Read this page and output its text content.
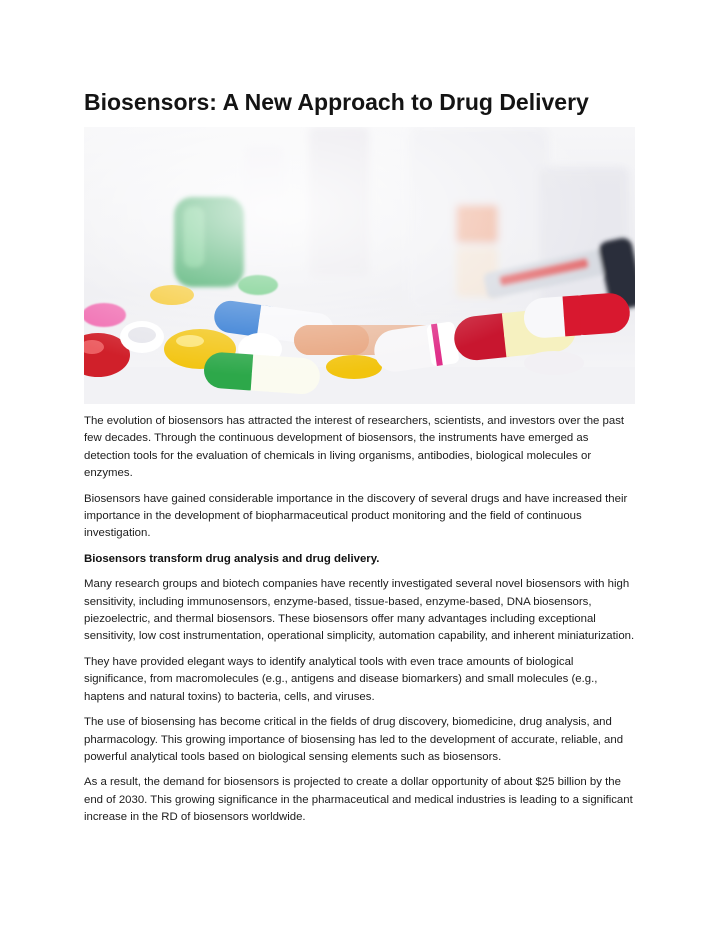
Biosensors: A New Approach to Drug Delivery

The evolution of biosensors has attracted the interest of researchers, scientists, and investors over the past few decades. Through the continuous development of biosensors, the instruments have emerged as detection tools for the evaluation of chemicals in living organisms, antibodies, biological molecules or enzymes.

Biosensors have gained considerable importance in the discovery of several drugs and have increased their importance in the development of biopharmaceutical product monitoring and the field of continuous investigation.

Biosensors transform drug analysis and drug delivery.

Many research groups and biotech companies have recently investigated several novel biosensors with high sensitivity, including immunosensors, enzyme-based, tissue-based, enzyme-based, DNA biosensors, piezoelectric, and thermal biosensors. These biosensors offer many advantages including exceptional sensitivity, low cost instrumentation, operational simplicity, automation capability, and inherent miniaturization.

They have provided elegant ways to identify analytical tools with even trace amounts of biological significance, from macromolecules (e.g., antigens and disease biomarkers) and small molecules (e.g., haptens and natural toxins) to bacteria, cells, and viruses.

The use of biosensing has become critical in the fields of drug discovery, biomedicine, drug analysis, and pharmacology. This growing importance of biosensing has led to the development of accurate, reliable, and powerful analytical tools based on biological sensing elements such as biosensors.

As a result, the demand for biosensors is projected to create a dollar opportunity of about $25 billion by the end of 2030. This growing significance in the pharmaceutical and medical industries is leading to a significant increase in the RD of biosensors worldwide.
